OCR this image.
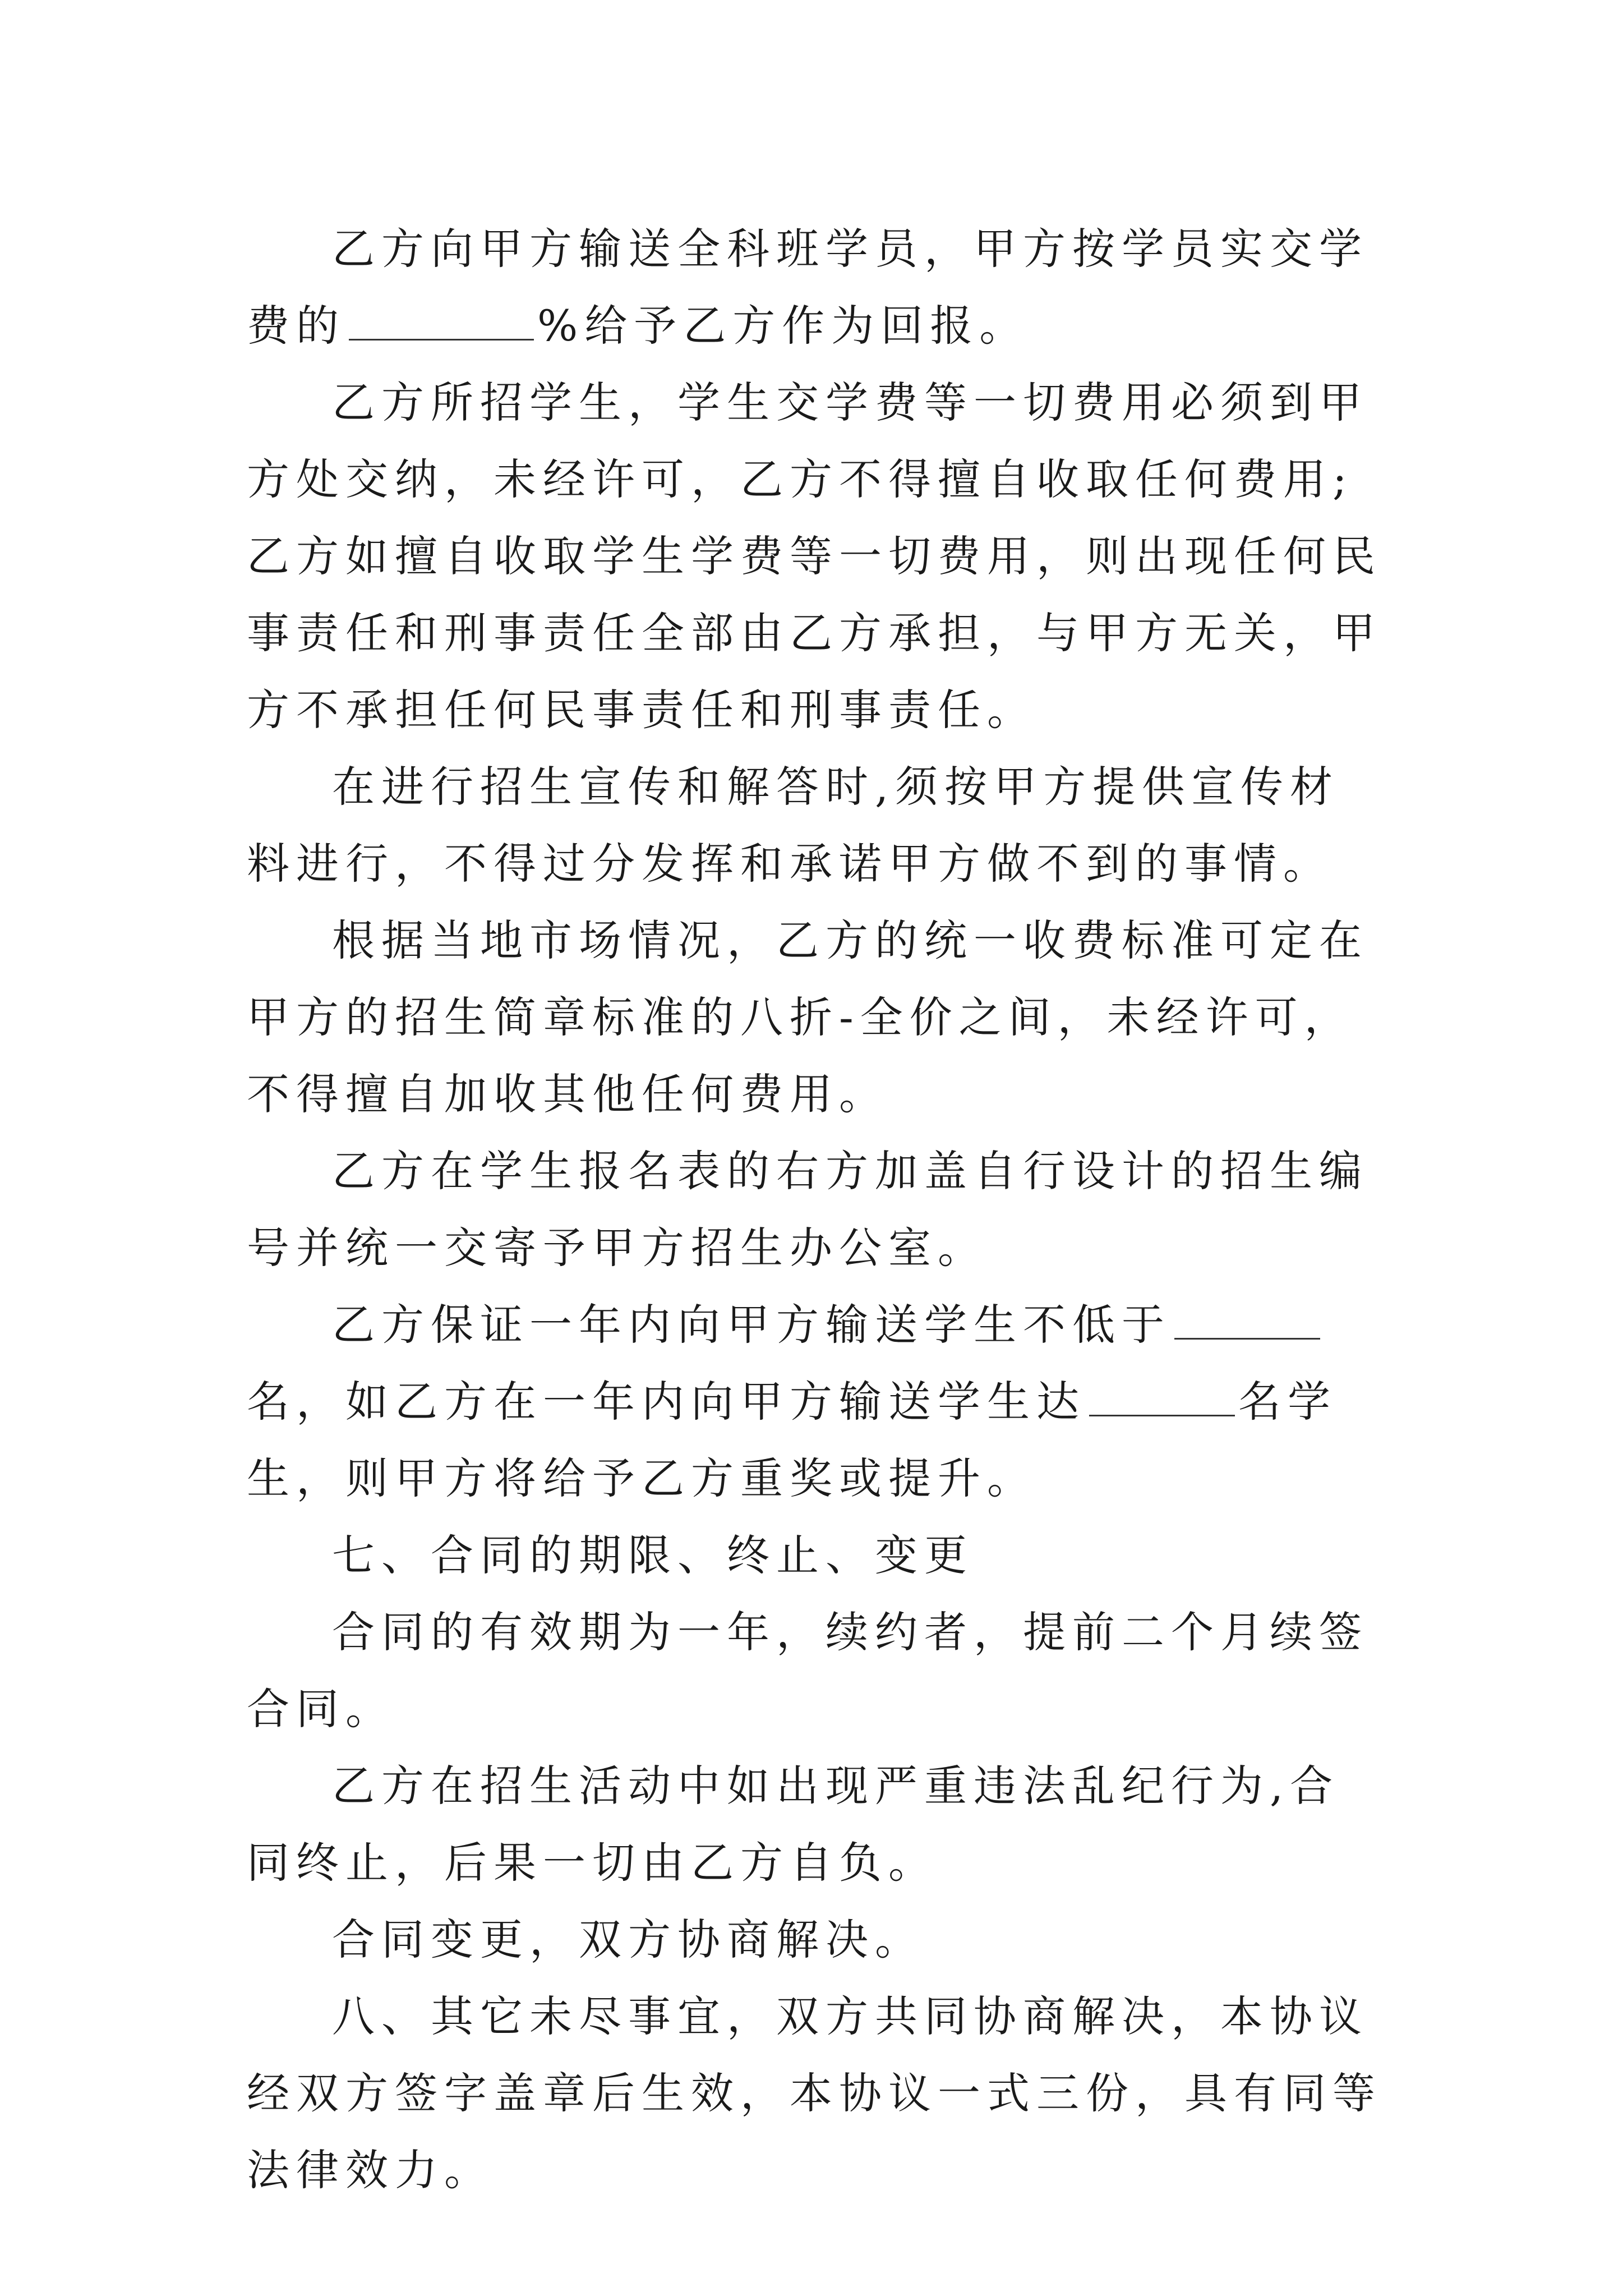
乙方向甲方输送全科班学员，甲方按学员实交学费的	%给予乙方作为回报。

乙方所招学生，学生交学费等一切费用必须到甲方处交纳，未经许可，乙方不得擅自收取任何费用;乙方如擅自收取学生学费等一切费用，则出现任何民事责任和刑事责任全部由乙方承担，与甲方无关，甲方不承担任何民事责任和刑事责任。

在进行招生宣传和解答时,须按甲方提供宣传材料进行，不得过分发挥和承诺甲方做不到的事情。

根据当地市场情况，乙方的统一收费标准可定在甲方的招生简章标准的八折-全价之间，未经许可，不得擅自加收其他任何费用。

乙方在学生报名表的右方加盖自行设计的招生编号并统一交寄予甲方招生办公室。

乙方保证一年内向甲方输送学生不低于名，如乙方在一年内向甲方输送学生达	名学生，则甲方将给予乙方重奖或提升。

七、合同的期限、终止、变更

合同的有效期为一年，续约者，提前二个月续签合同。

乙方在招生活动中如出现严重违法乱纪行为,合同终止，后果一切由乙方自负。

合同变更，双方协商解决。

八、其它未尽事宜，双方共同协商解决，本协议经双方签字盖章后生效，本协议一式三份，具有同等法律效力。
